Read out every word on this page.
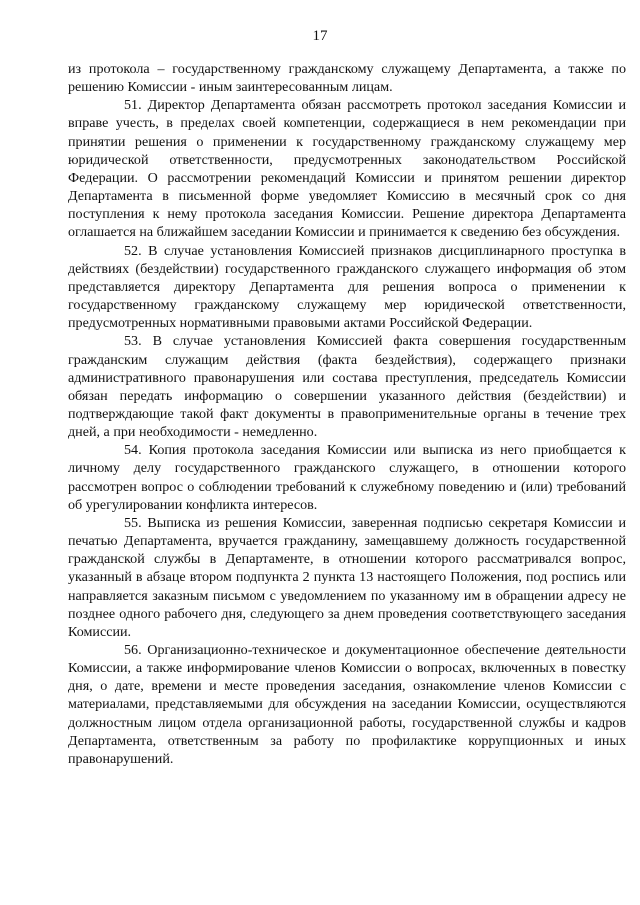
17

из протокола – государственному гражданскому служащему Департамента, а также по решению Комиссии - иным заинтересованным лицам.

51. Директор Департамента обязан рассмотреть протокол заседания Комиссии и вправе учесть, в пределах своей компетенции, содержащиеся в нем рекомендации при принятии решения о применении к государственному гражданскому служащему мер юридической ответственности, предусмотренных законодательством Российской Федерации. О рассмотрении рекомендаций Комиссии и принятом решении директор Департамента в письменной форме уведомляет Комиссию в месячный срок со дня поступления к нему протокола заседания Комиссии. Решение директора Департамента оглашается на ближайшем заседании Комиссии и принимается к сведению без обсуждения.

52. В случае установления Комиссией признаков дисциплинарного проступка в действиях (бездействии) государственного гражданского служащего информация об этом представляется директору Департамента для решения вопроса о применении к государственному гражданскому служащему мер юридической ответственности, предусмотренных нормативными правовыми актами Российской Федерации.

53. В случае установления Комиссией факта совершения государственным гражданским служащим действия (факта бездействия), содержащего признаки административного правонарушения или состава преступления, председатель Комиссии обязан передать информацию о совершении указанного действия (бездействии) и подтверждающие такой факт документы в правоприменительные органы в течение трех дней, а при необходимости - немедленно.

54. Копия протокола заседания Комиссии или выписка из него приобщается к личному делу государственного гражданского служащего, в отношении которого рассмотрен вопрос о соблюдении требований к служебному поведению и (или) требований об урегулировании конфликта интересов.

55. Выписка из решения Комиссии, заверенная подписью секретаря Комиссии и печатью Департамента, вручается гражданину, замещавшему должность государственной гражданской службы в Департаменте, в отношении которого рассматривался вопрос, указанный в абзаце втором подпункта 2 пункта 13 настоящего Положения, под роспись или направляется заказным письмом с уведомлением по указанному им в обращении адресу не позднее одного рабочего дня, следующего за днем проведения соответствующего заседания Комиссии.

56. Организационно-техническое и документационное обеспечение деятельности Комиссии, а также информирование членов Комиссии о вопросах, включенных в повестку дня, о дате, времени и месте проведения заседания, ознакомление членов Комиссии с материалами, представляемыми для обсуждения на заседании Комиссии, осуществляются должностным лицом отдела организационной работы, государственной службы и кадров Департамента, ответственным за работу по профилактике коррупционных и иных правонарушений.
